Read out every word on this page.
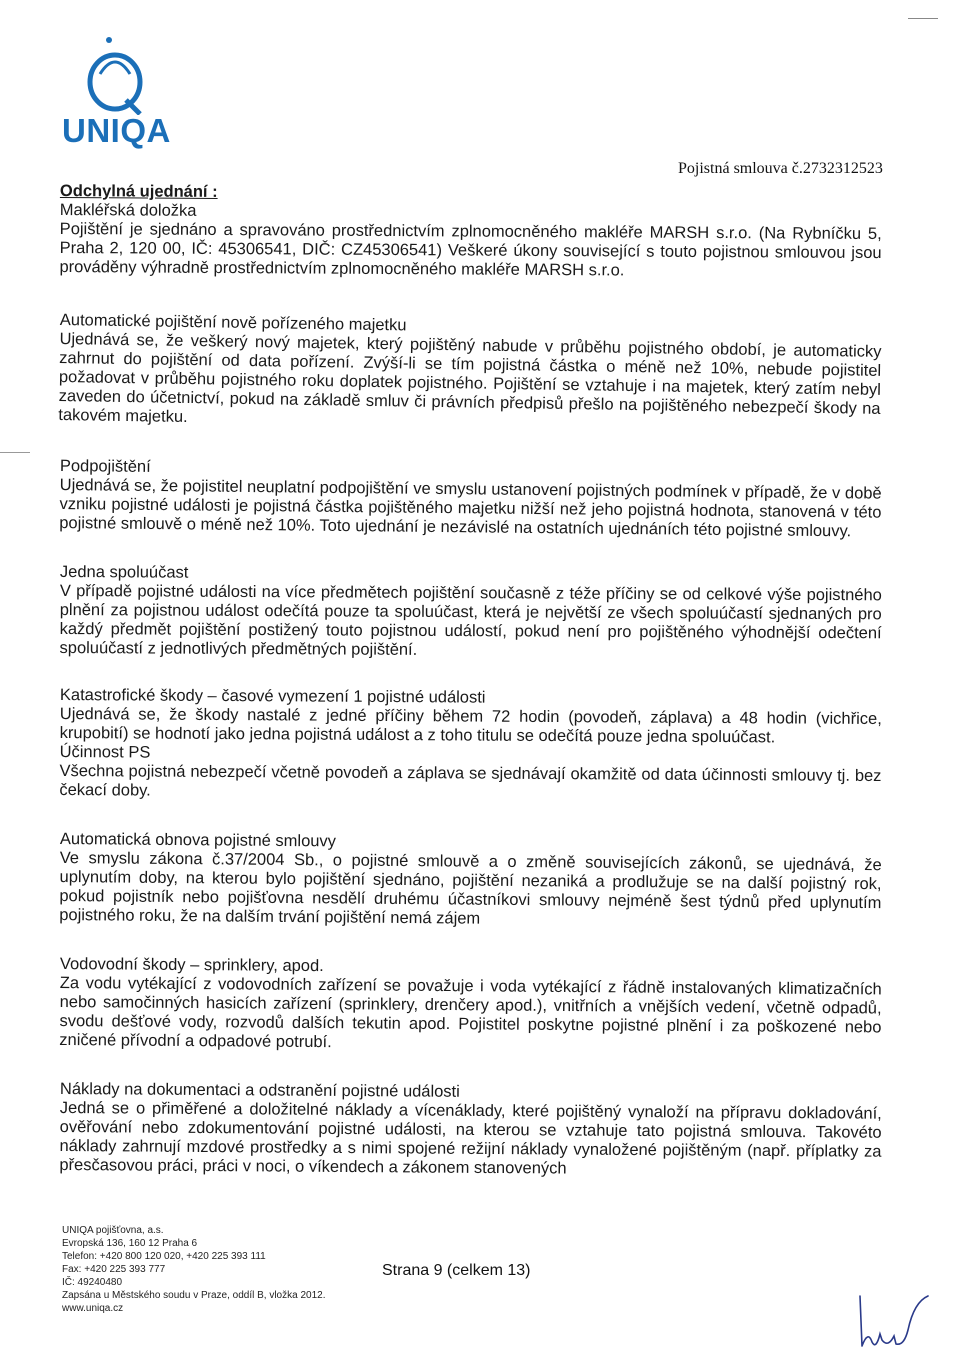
UNIQA
Pojistná smlouva č.2732312523
Odchylná ujednání :
Makléřská doložka

Pojištění je sjednáno a spravováno prostřednictvím zplnomocněného makléře MARSH s.r.o. (Na Rybníčku 5, Praha 2, 120 00, IČ: 45306541, DIČ: CZ45306541) Veškeré úkony související s touto pojistnou smlouvou jsou prováděny výhradně prostřednictvím zplnomocněného makléře MARSH s.r.o.

Automatické pojištění nově pořízeného majetku

Ujednává se, že veškerý nový majetek, který pojištěný nabude v průběhu pojistného období, je automaticky zahrnut do pojištění od data pořízení. Zvýší-li se tím pojistná částka o méně než 10%, nebude pojistitel požadovat v průběhu pojistného roku doplatek pojistného. Pojištění se vztahuje i na majetek, který zatím nebyl zaveden do účetnictví, pokud na základě smluv či právních předpisů přešlo na pojištěného nebezpečí škody na takovém majetku.

Podpojištění

Ujednává se, že pojistitel neuplatní podpojištění ve smyslu ustanovení pojistných podmínek v případě, že v době vzniku pojistné události je pojistná částka pojištěného majetku nižší než jeho pojistná hodnota, stanovená v této pojistné smlouvě o méně než 10%. Toto ujednání je nezávislé na ostatních ujednáních této pojistné smlouvy.

Jedna spoluúčast

V případě pojistné události na více předmětech pojištění současně z téže příčiny se od celkové výše pojistného plnění za pojistnou událost odečítá pouze ta spoluúčast, která je největší ze všech spoluúčastí sjednaných pro každý předmět pojištění postižený touto pojistnou událostí, pokud není pro pojištěného výhodnější odečtení spoluúčastí z jednotlivých předmětných pojištění.

Katastrofické škody – časové vymezení 1 pojistné události

Ujednává se, že škody nastalé z jedné příčiny během 72 hodin (povodeň, záplava) a 48 hodin (vichřice, krupobití) se hodnotí jako jedna pojistná událost a z toho titulu se odečítá pouze jedna spoluúčast.

Účinnost PS

Všechna pojistná nebezpečí včetně povodeň a záplava se sjednávají okamžitě od data účinnosti smlouvy tj. bez čekací doby.

Automatická obnova pojistné smlouvy

Ve smyslu zákona č.37/2004 Sb., o pojistné smlouvě a o změně souvisejících zákonů, se ujednává, že uplynutím doby, na kterou bylo pojištění sjednáno, pojištění nezaniká a prodlužuje se na další pojistný rok, pokud pojistník nebo pojišťovna nesdělí druhému účastníkovi smlouvy nejméně šest týdnů před uplynutím pojistného roku, že na dalším trvání pojištění nemá zájem

Vodovodní škody – sprinklery, apod.

Za vodu vytékající z vodovodních zařízení se považuje i voda vytékající z řádně instalovaných klimatizačních nebo samočinných hasicích zařízení (sprinklery, drenčery apod.), vnitřních a vnějších vedení, včetně odpadů, svodu dešťové vody, rozvodů dalších tekutin apod. Pojistitel poskytne pojistné plnění i za poškozené nebo zničené přívodní a odpadové potrubí.

Náklady na dokumentaci a odstranění pojistné události

Jedná se o přiměřené a doložitelné náklady a vícenáklady, které pojištěný vynaloží na přípravu dokladování, ověřování nebo zdokumentování pojistné události, na kterou se vztahuje tato pojistná smlouva. Takovéto náklady zahrnují mzdové prostředky a s nimi spojené režijní náklady vynaložené pojištěným (např. příplatky za přesčasovou práci, práci v noci, o víkendech a zákonem stanovených

UNIQA pojišťovna, a.s.
Evropská 136, 160 12 Praha 6
Telefon: +420 800 120 020, +420 225 393 111
Fax: +420 225 393 777
IČ: 49240480
Zapsána u Městského soudu v Praze, oddíl B, vložka 2012.
www.uniqa.cz
Strana 9 (celkem 13)
